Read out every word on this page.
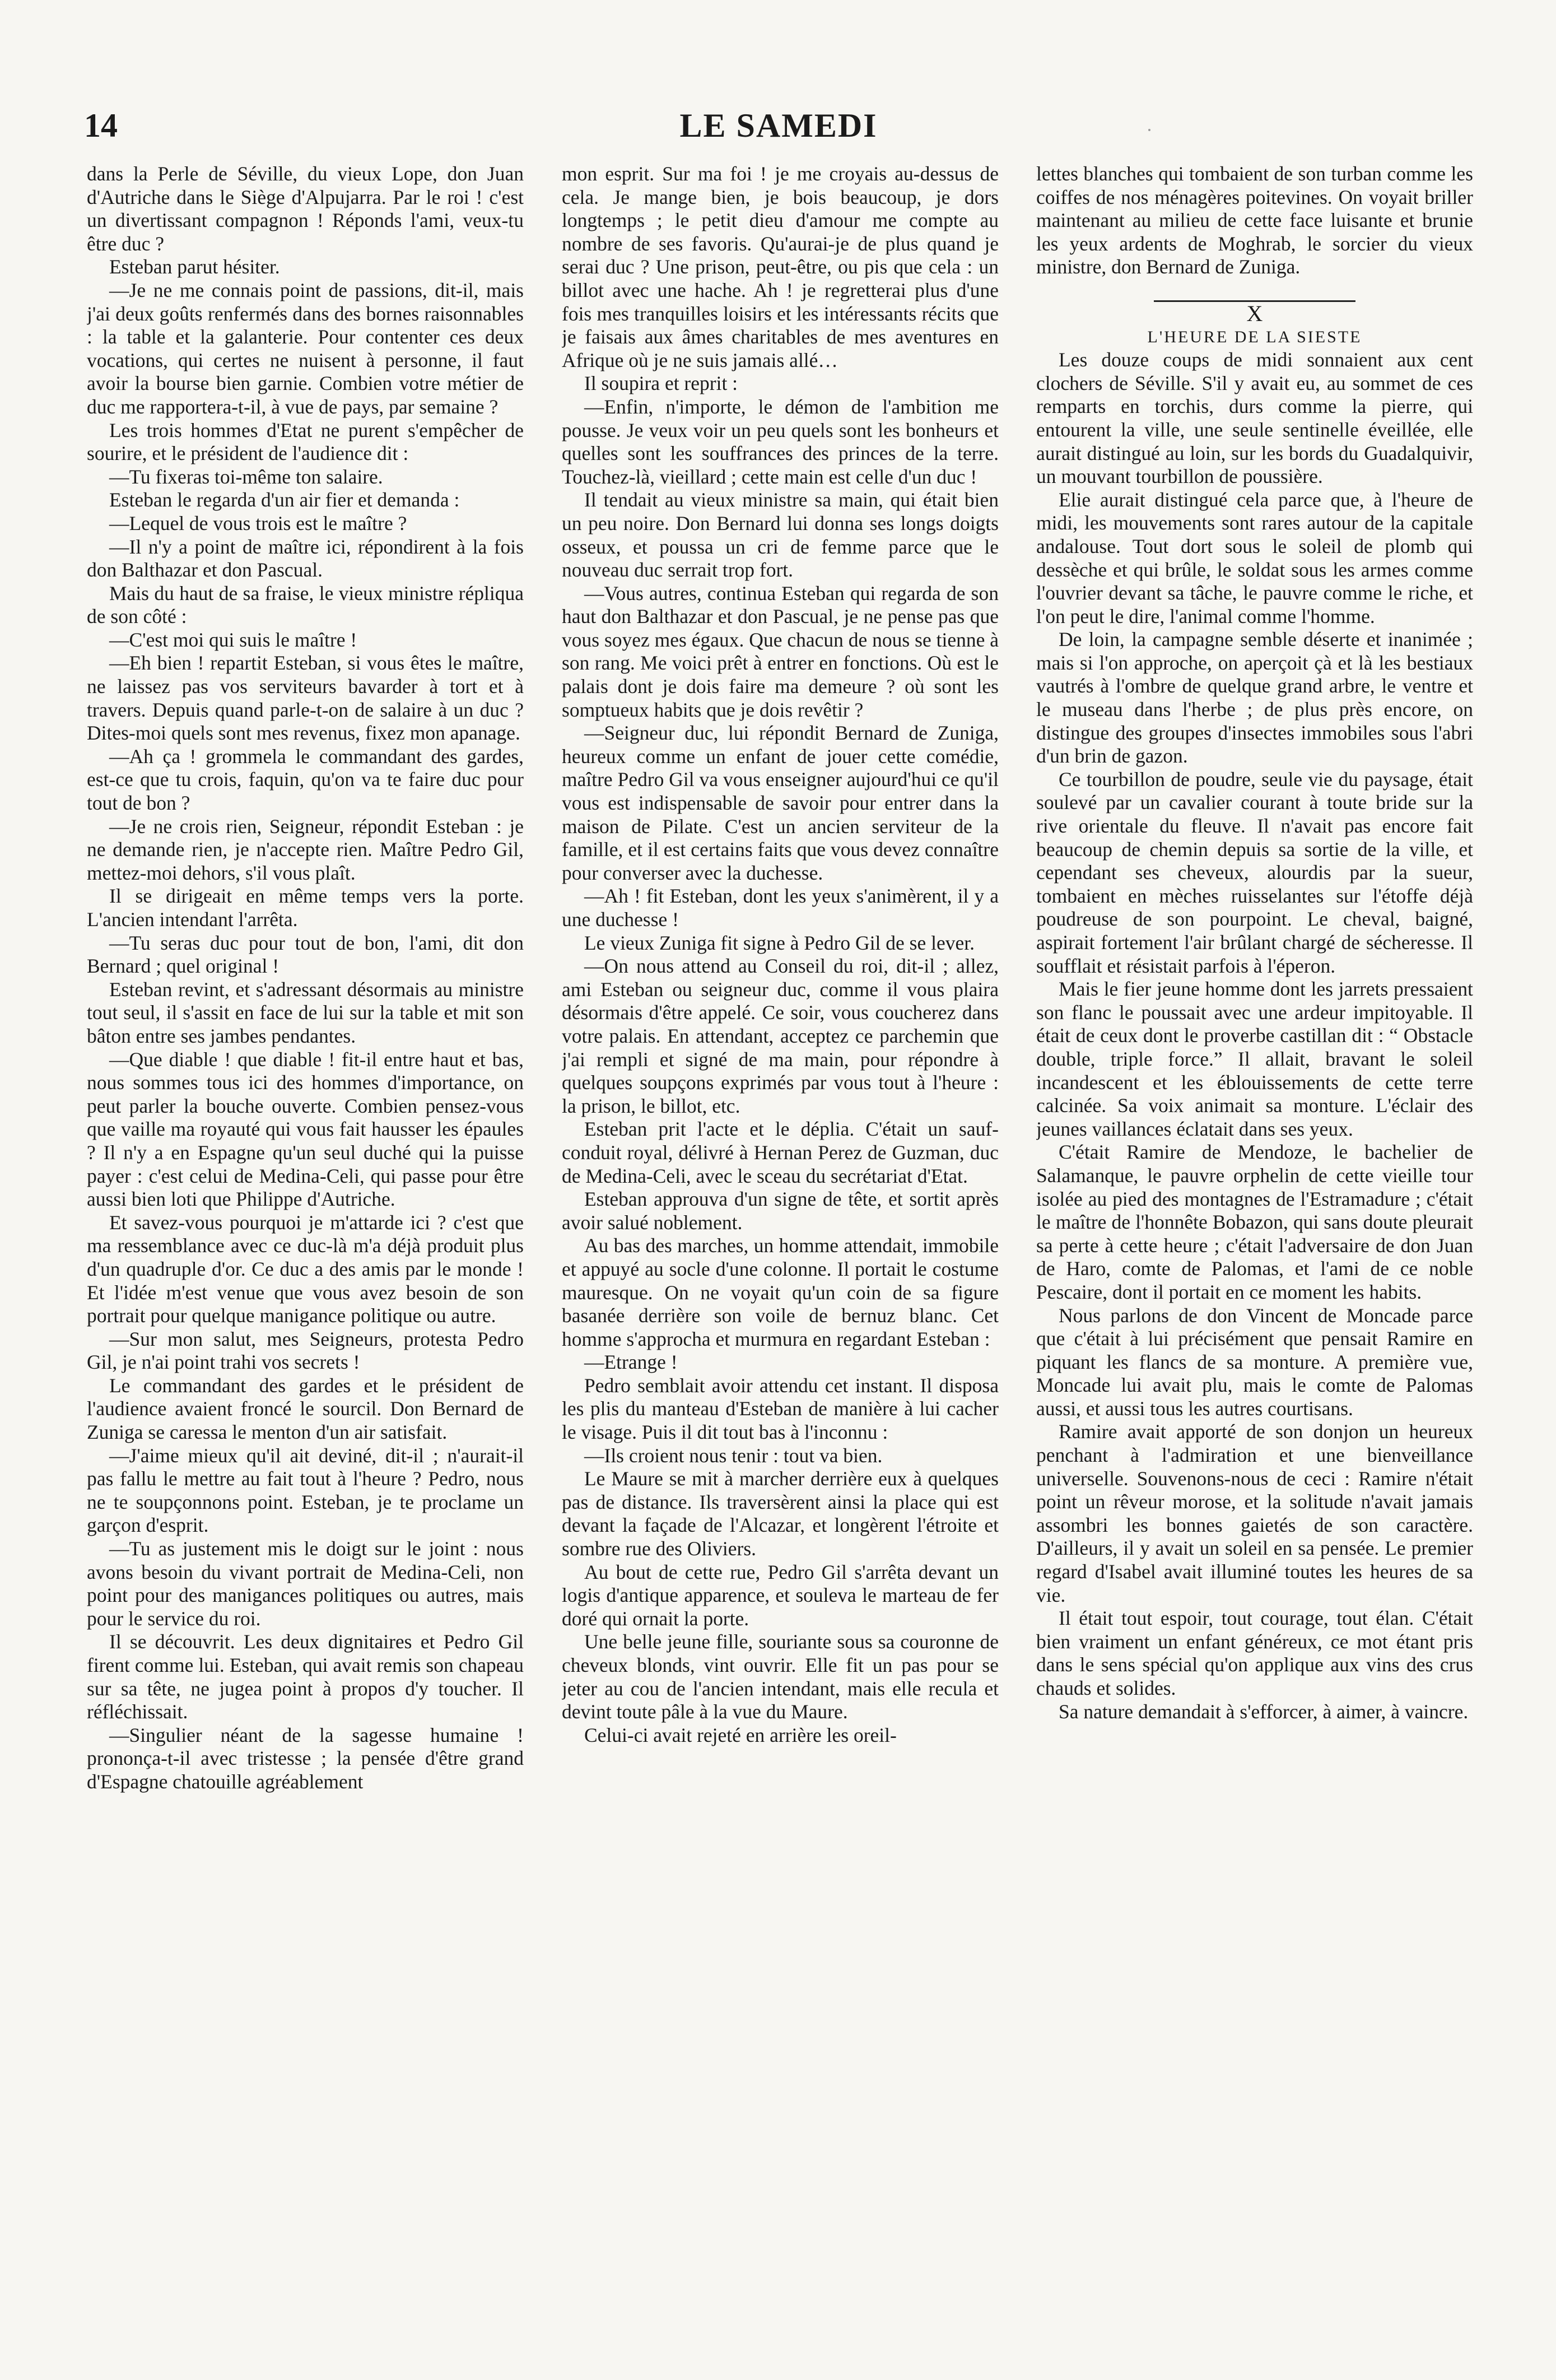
14	LE SAMEDI

dans la Perle de Séville, du vieux Lope, don Juan d'Autriche dans le Siège d'Alpujarra. Par le roi ! c'est un divertissant compagnon ! Réponds l'ami, veux-tu être duc ?

Esteban parut hésiter.

—Je ne me connais point de passions, dit-il, mais j'ai deux goûts renfermés dans des bornes raisonnables : la table et la galanterie. Pour contenter ces deux vocations, qui certes ne nuisent à personne, il faut avoir la bourse bien garnie. Combien votre métier de duc me rapportera-t-il, à vue de pays, par semaine ?

Les trois hommes d'Etat ne purent s'empêcher de sourire, et le président de l'audience dit :

—Tu fixeras toi-même ton salaire.

Esteban le regarda d'un air fier et demanda :

—Lequel de vous trois est le maître ?

—Il n'y a point de maître ici, répondirent à la fois don Balthazar et don Pascual.

Mais du haut de sa fraise, le vieux ministre répliqua de son côté :

—C'est moi qui suis le maître !

—Eh bien ! repartit Esteban, si vous êtes le maître, ne laissez pas vos serviteurs bavarder à tort et à travers. Depuis quand parle-t-on de salaire à un duc ? Dites-moi quels sont mes revenus, fixez mon apanage.

—Ah ça ! grommela le commandant des gardes, est-ce que tu crois, faquin, qu'on va te faire duc pour tout de bon ?

—Je ne crois rien, Seigneur, répondit Esteban : je ne demande rien, je n'accepte rien. Maître Pedro Gil, mettez-moi dehors, s'il vous plaît.

Il se dirigeait en même temps vers la porte. L'ancien intendant l'arrêta.

—Tu seras duc pour tout de bon, l'ami, dit don Bernard ; quel original !

Esteban revint, et s'adressant désormais au ministre tout seul, il s'assit en face de lui sur la table et mit son bâton entre ses jambes pendantes.

—Que diable ! que diable ! fit-il entre haut et bas, nous sommes tous ici des hommes d'importance, on peut parler la bouche ouverte. Combien pensez-vous que vaille ma royauté qui vous fait hausser les épaules ? Il n'y a en Espagne qu'un seul duché qui la puisse payer : c'est celui de Medina-Celi, qui passe pour être aussi bien loti que Philippe d'Autriche.

Et savez-vous pourquoi je m'attarde ici ? c'est que ma ressemblance avec ce duc-là m'a déjà produit plus d'un quadruple d'or. Ce duc a des amis par le monde ! Et l'idée m'est venue que vous avez besoin de son portrait pour quelque manigance politique ou autre.

—Sur mon salut, mes Seigneurs, protesta Pedro Gil, je n'ai point trahi vos secrets !

Le commandant des gardes et le président de l'audience avaient froncé le sourcil. Don Bernard de Zuniga se caressa le menton d'un air satisfait.

—J'aime mieux qu'il ait deviné, dit-il ; n'aurait-il pas fallu le mettre au fait tout à l'heure ? Pedro, nous ne te soupçonnons point. Esteban, je te proclame un garçon d'esprit.

—Tu as justement mis le doigt sur le joint : nous avons besoin du vivant portrait de Medina-Celi, non point pour des manigances politiques ou autres, mais pour le service du roi.

Il se découvrit. Les deux dignitaires et Pedro Gil firent comme lui. Esteban, qui avait remis son chapeau sur sa tête, ne jugea point à propos d'y toucher. Il réfléchissait.

—Singulier néant de la sagesse humaine ! prononça-t-il avec tristesse ; la pensée d'être grand d'Espagne chatouille agréablement

mon esprit. Sur ma foi ! je me croyais au-dessus de cela. Je mange bien, je bois beaucoup, je dors longtemps ; le petit dieu d'amour me compte au nombre de ses favoris. Qu'aurai-je de plus quand je serai duc ? Une prison, peut-être, ou pis que cela : un billot avec une hache. Ah ! je regretterai plus d'une fois mes tranquilles loisirs et les intéressants récits que je faisais aux âmes charitables de mes aventures en Afrique où je ne suis jamais allé…

Il soupira et reprit :

—Enfin, n'importe, le démon de l'ambition me pousse. Je veux voir un peu quels sont les bonheurs et quelles sont les souffrances des princes de la terre. Touchez-là, vieillard ; cette main est celle d'un duc !

Il tendait au vieux ministre sa main, qui était bien un peu noire. Don Bernard lui donna ses longs doigts osseux, et poussa un cri de femme parce que le nouveau duc serrait trop fort.

—Vous autres, continua Esteban qui regarda de son haut don Balthazar et don Pascual, je ne pense pas que vous soyez mes égaux. Que chacun de nous se tienne à son rang. Me voici prêt à entrer en fonctions. Où est le palais dont je dois faire ma demeure ? où sont les somptueux habits que je dois revêtir ?

—Seigneur duc, lui répondit Bernard de Zuniga, heureux comme un enfant de jouer cette comédie, maître Pedro Gil va vous enseigner aujourd'hui ce qu'il vous est indispensable de savoir pour entrer dans la maison de Pilate. C'est un ancien serviteur de la famille, et il est certains faits que vous devez connaître pour converser avec la duchesse.

—Ah ! fit Esteban, dont les yeux s'animèrent, il y a une duchesse !

Le vieux Zuniga fit signe à Pedro Gil de se lever.

—On nous attend au Conseil du roi, dit-il ; allez, ami Esteban ou seigneur duc, comme il vous plaira désormais d'être appelé. Ce soir, vous coucherez dans votre palais. En attendant, acceptez ce parchemin que j'ai rempli et signé de ma main, pour répondre à quelques soupçons exprimés par vous tout à l'heure : la prison, le billot, etc.

Esteban prit l'acte et le déplia. C'était un sauf-conduit royal, délivré à Hernan Perez de Guzman, duc de Medina-Celi, avec le sceau du secrétariat d'Etat.

Esteban approuva d'un signe de tête, et sortit après avoir salué noblement.

Au bas des marches, un homme attendait, immobile et appuyé au socle d'une colonne. Il portait le costume mauresque. On ne voyait qu'un coin de sa figure basanée derrière son voile de bernuz blanc. Cet homme s'approcha et murmura en regardant Esteban :

—Etrange !

Pedro semblait avoir attendu cet instant. Il disposa les plis du manteau d'Esteban de manière à lui cacher le visage. Puis il dit tout bas à l'inconnu :

—Ils croient nous tenir : tout va bien.

Le Maure se mit à marcher derrière eux à quelques pas de distance. Ils traversèrent ainsi la place qui est devant la façade de l'Alcazar, et longèrent l'étroite et sombre rue des Oliviers.

Au bout de cette rue, Pedro Gil s'arrêta devant un logis d'antique apparence, et souleva le marteau de fer doré qui ornait la porte.

Une belle jeune fille, souriante sous sa couronne de cheveux blonds, vint ouvrir. Elle fit un pas pour se jeter au cou de l'ancien intendant, mais elle recula et devint toute pâle à la vue du Maure.

Celui-ci avait rejeté en arrière les oreil-

lettes blanches qui tombaient de son turban comme les coiffes de nos ménagères poitevines. On voyait briller maintenant au milieu de cette face luisante et brunie les yeux ardents de Moghrab, le sorcier du vieux ministre, don Bernard de Zuniga.

X

L'HEURE DE LA SIESTE

Les douze coups de midi sonnaient aux cent clochers de Séville. S'il y avait eu, au sommet de ces remparts en torchis, durs comme la pierre, qui entourent la ville, une seule sentinelle éveillée, elle aurait distingué au loin, sur les bords du Guadalquivir, un mouvant tourbillon de poussière.

Elie aurait distingué cela parce que, à l'heure de midi, les mouvements sont rares autour de la capitale andalouse. Tout dort sous le soleil de plomb qui dessèche et qui brûle, le soldat sous les armes comme l'ouvrier devant sa tâche, le pauvre comme le riche, et l'on peut le dire, l'animal comme l'homme.

De loin, la campagne semble déserte et inanimée ; mais si l'on approche, on aperçoit çà et là les bestiaux vautrés à l'ombre de quelque grand arbre, le ventre et le museau dans l'herbe ; de plus près encore, on distingue des groupes d'insectes immobiles sous l'abri d'un brin de gazon.

Ce tourbillon de poudre, seule vie du paysage, était soulevé par un cavalier courant à toute bride sur la rive orientale du fleuve. Il n'avait pas encore fait beaucoup de chemin depuis sa sortie de la ville, et cependant ses cheveux, alourdis par la sueur, tombaient en mèches ruisselantes sur l'étoffe déjà poudreuse de son pourpoint. Le cheval, baigné, aspirait fortement l'air brûlant chargé de sécheresse. Il soufflait et résistait parfois à l'éperon.

Mais le fier jeune homme dont les jarrets pressaient son flanc le poussait avec une ardeur impitoyable. Il était de ceux dont le proverbe castillan dit : “ Obstacle double, triple force.” Il allait, bravant le soleil incandescent et les éblouissements de cette terre calcinée. Sa voix animait sa monture. L'éclair des jeunes vaillances éclatait dans ses yeux.

C'était Ramire de Mendoze, le bachelier de Salamanque, le pauvre orphelin de cette vieille tour isolée au pied des montagnes de l'Estramadure ; c'était le maître de l'honnête Bobazon, qui sans doute pleurait sa perte à cette heure ; c'était l'adversaire de don Juan de Haro, comte de Palomas, et l'ami de ce noble Pescaire, dont il portait en ce moment les habits.

Nous parlons de don Vincent de Moncade parce que c'était à lui précisément que pensait Ramire en piquant les flancs de sa monture. A première vue, Moncade lui avait plu, mais le comte de Palomas aussi, et aussi tous les autres courtisans.

Ramire avait apporté de son donjon un heureux penchant à l'admiration et une bienveillance universelle. Souvenons-nous de ceci : Ramire n'était point un rêveur morose, et la solitude n'avait jamais assombri les bonnes gaietés de son caractère. D'ailleurs, il y avait un soleil en sa pensée. Le premier regard d'Isabel avait illuminé toutes les heures de sa vie.

Il était tout espoir, tout courage, tout élan. C'était bien vraiment un enfant généreux, ce mot étant pris dans le sens spécial qu'on applique aux vins des crus chauds et solides.

Sa nature demandait à s'efforcer, à aimer, à vaincre.
